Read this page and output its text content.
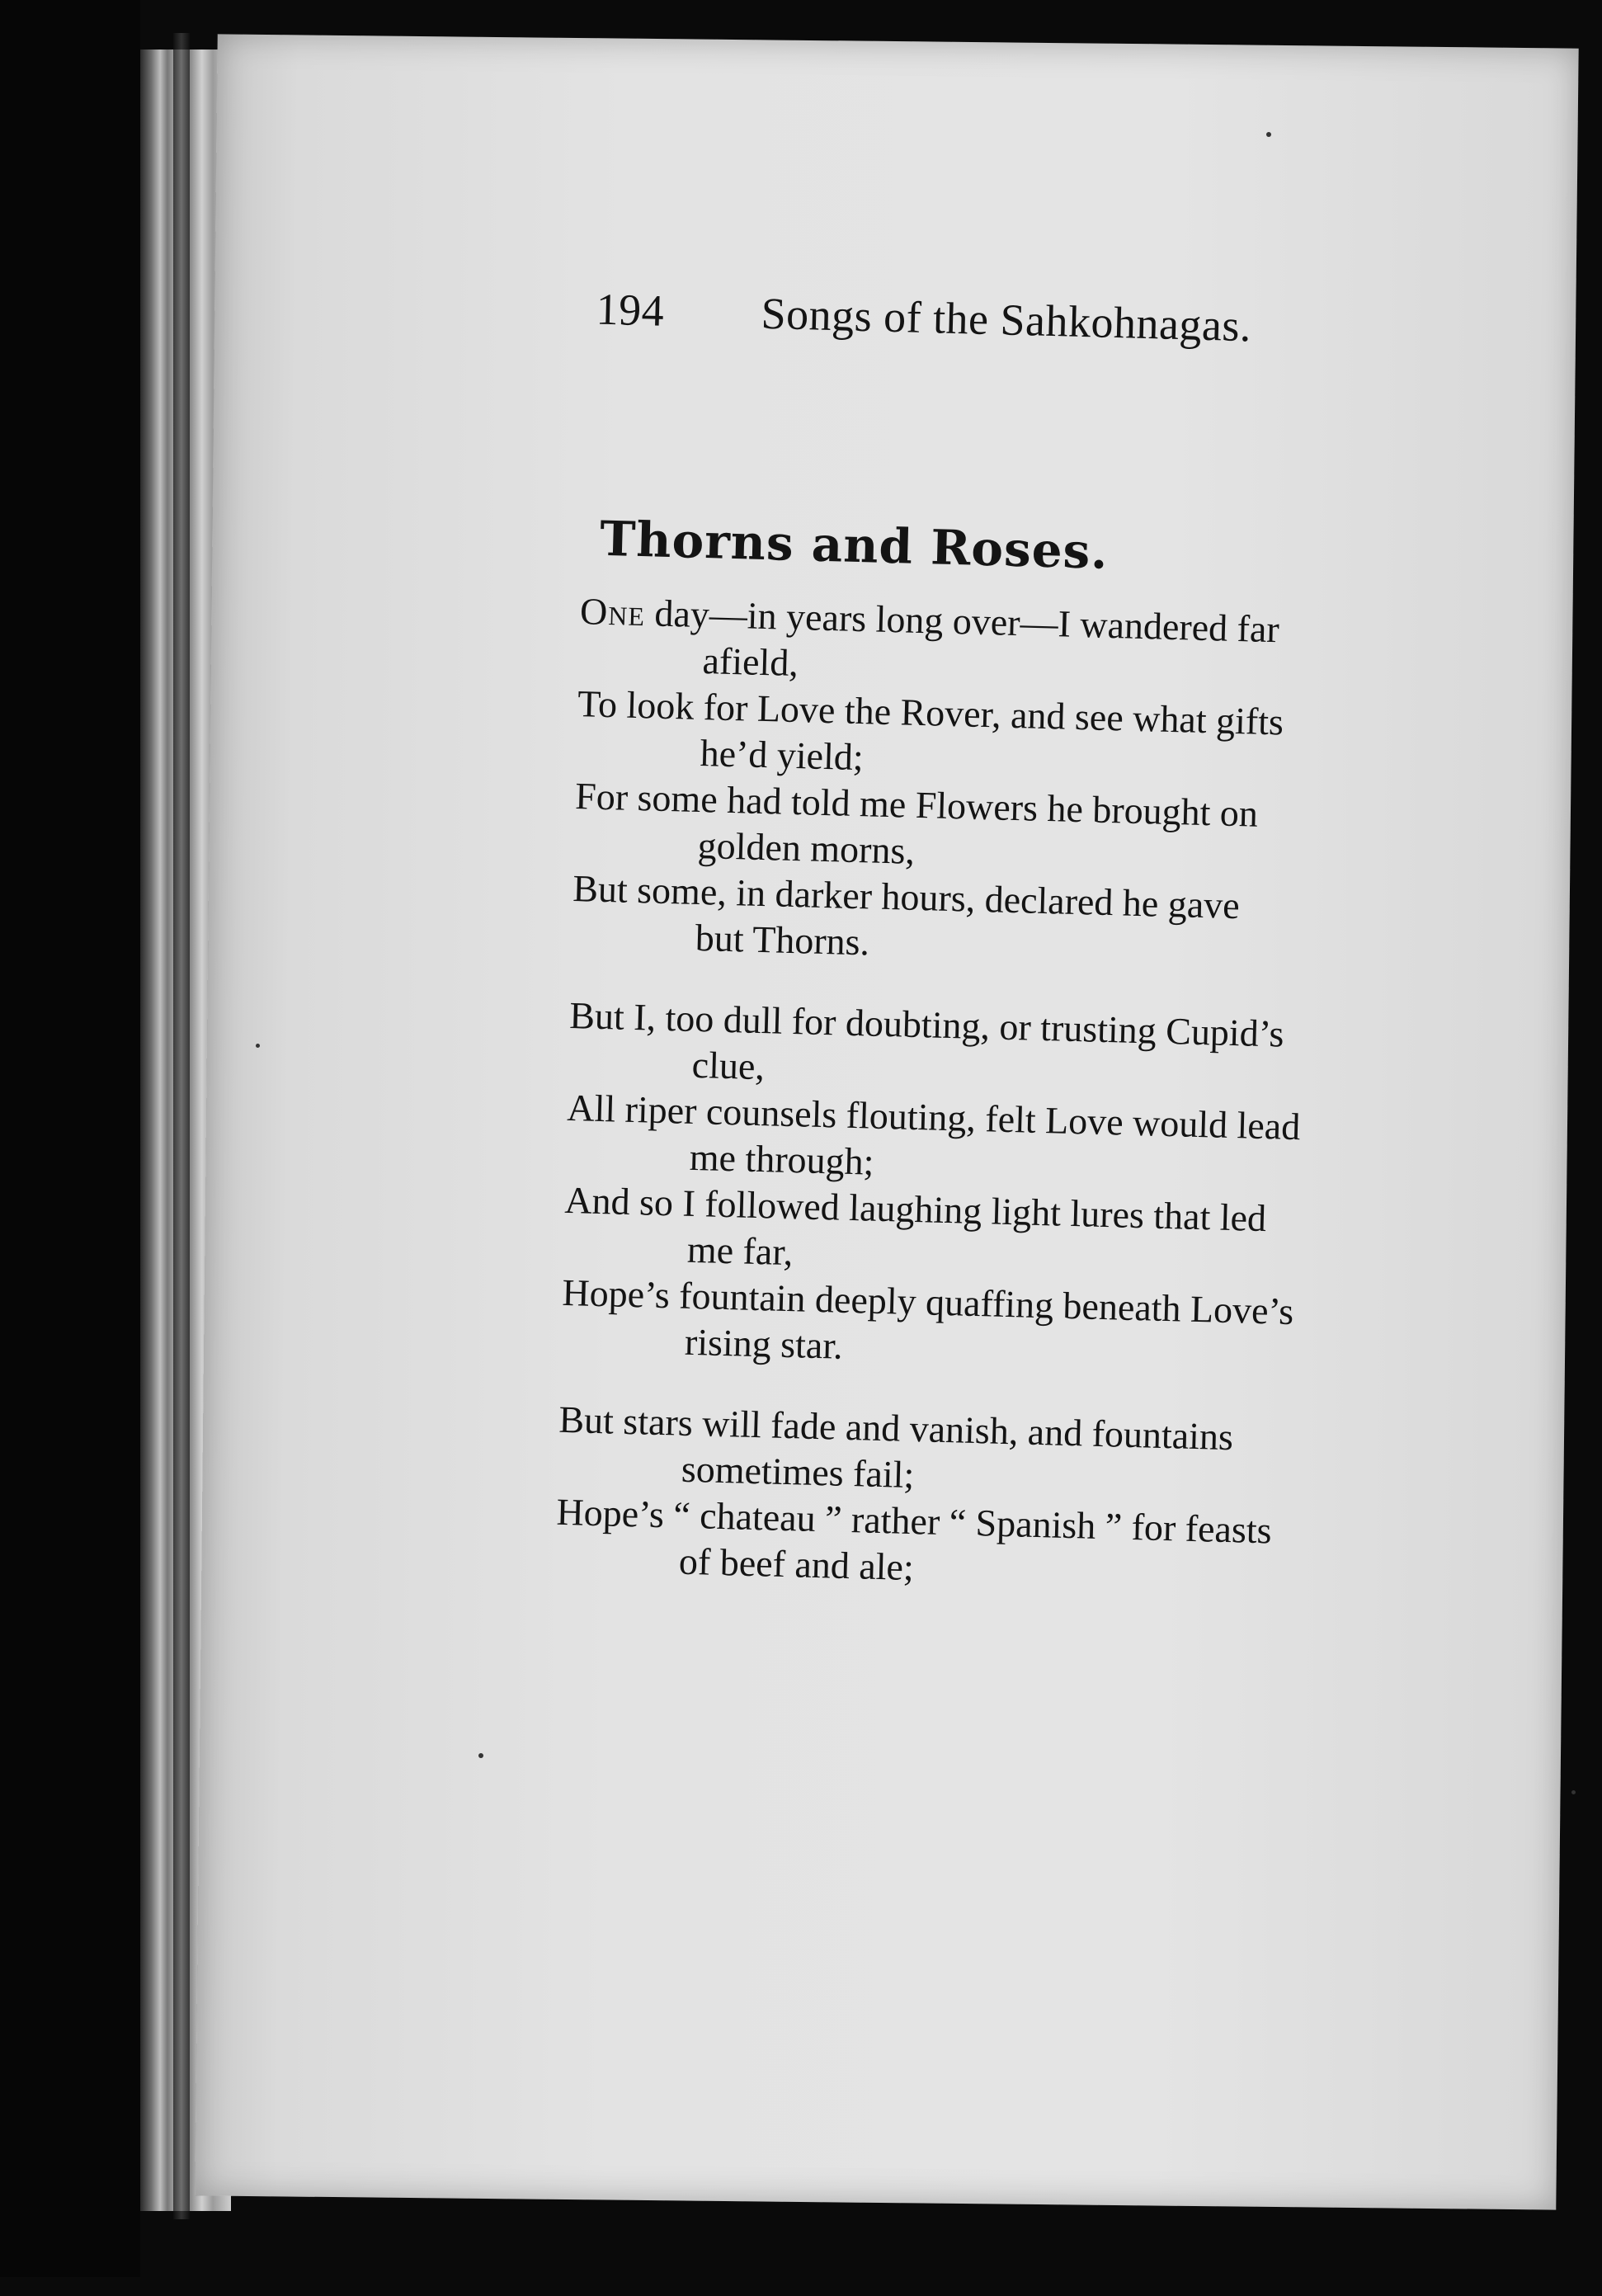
194 Songs of the Sahkohnagas.
Thorns and Roses.

One day—in years long over—I wandered far
afield,

To look for Love the Rover, and see what gifts
he’d yield;

For some had told me Flowers he brought on
golden morns,

But some, in darker hours, declared he gave
but Thorns.

But I, too dull for doubting, or trusting Cupid’s
clue,

All riper counsels flouting, felt Love would lead
me through;

And so I followed laughing light lures that led
me far,

Hope’s fountain deeply quaffing beneath Love’s
rising star.

But stars will fade and vanish, and fountains
sometimes fail;

Hope’s “ chateau ” rather “ Spanish ” for feasts
of beef and ale;
